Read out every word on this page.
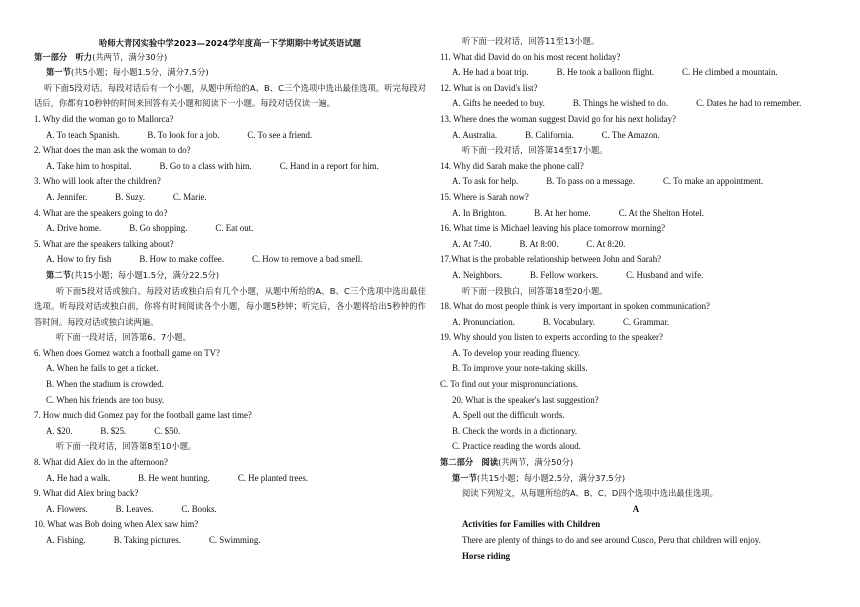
第一部分　听力(共两节，满分30分)
第一节(共5小题；每小题1.5分，满分7.5分)
听下面5段对话。每段对话后有一个小题，从题中所给的A、B、C三个选项中选出最佳选项。听完每段对话后，你都有10秒钟的时间来回答有关小题和阅读下一小题。每段对话仅读一遍。
1. Why did the woman go to Mallorca?
A. To teach Spanish.	B. To look for a job.	C. To see a friend.
2. What does the man ask the woman to do?
A. Take him to hospital.	B. Go to a class with him.	C. Hand in a report for him.
3. Who will look after the children?
A. Jennifer.	B. Suzy.	C. Marie.
4. What are the speakers going to do?
A. Drive home.	B. Go shopping.	C. Eat out.
5. What are the speakers talking about?
A. How to fry fish	B. How to make coffee.	C. How to remove a bad smell.
第二节(共15小题；每小题1.5分，满分22.5分)
听下面5段对话或独白。每段对话或独白后有几个小题，从题中所给的A、B、C三个选项中选出最佳选项。听每段对话或独白前，你将有时间阅读各个小题，每小题5秒钟；听完后，各小题将给出5秒钟的作答时间。每段对话或独白读两遍。
听下面一段对话，回答第6、7小题。
6. When does Gomez watch a football game on TV?
A. When he fails to get a ticket.
B. When the stadium is crowded.
C. When his friends are too busy.
7. How much did Gomez pay for the football game last time?
A. $20.	B. $25.	C. $50.
听下面一段对话，回答第8至10小题。
8. What did Alex do in the afternoon?
A. He had a walk.	B. He went hunting.	C. He planted trees.
9. What did Alex bring back?
A. Flowers.	B. Leaves.	C. Books.
10. What was Bob doing when Alex saw him?
A. Fishing.	B. Taking pictures.	C. Swimming.
哈师大青冈实验中学2023—2024学年度高一下学期期中考试英语试题	听下面一段对话，回答11至13小题。
11. What did David do on his most recent holiday?
A. He had a boat trip.	B. He took a balloon flight.	C. He climbed a mountain.
12. What is on David's list?
A. Gifts he needed to buy.	B. Things he wished to do.	C. Dates he had to remember.
13. Where does the woman suggest David go for his next holiday?
A. Australia.	B. California.	C. The Amazon.
听下面一段对话，回答第14至17小题。
14. Why did Sarah make the phone call?
A. To ask for help.	B. To pass on a message.	C. To make an appointment.
15. Where is Sarah now?
A. In Brighton.	B. At her home.	C. At the Shelton Hotel.
16. What time is Michael leaving his place tomorrow morning?
A. At 7:40.	B. At 8:00.	C. At 8:20.
17.What is the probable relationship between John and Sarah?
A. Neighbors.	B. Fellow workers.	C. Husband and wife.
听下面一段独白，回答第18至20小题。
18. What do most people think is very important in spoken communication?
A. Pronunciation.	B. Vocabulary.	C. Grammar.
19. Why should you listen to experts according to the speaker?
A. To develop your reading fluency.
B. To improve your note-taking skills.
C. To find out your mispronunciations.
20. What is the speaker's last suggestion?
A. Spell out the difficult words.
B. Check the words in a dictionary.
C. Practice reading the words aloud.
第二部分　阅读(共两节，满分50分)
第一节(共15小题；每小题2.5分，满分37.5分)
阅读下列短文，从每题所给的A、B、C、D四个选项中选出最佳选项。
A
Activities for Families with Children
There are plenty of things to do and see around Cusco, Peru that children will enjoy.
Horse riding
